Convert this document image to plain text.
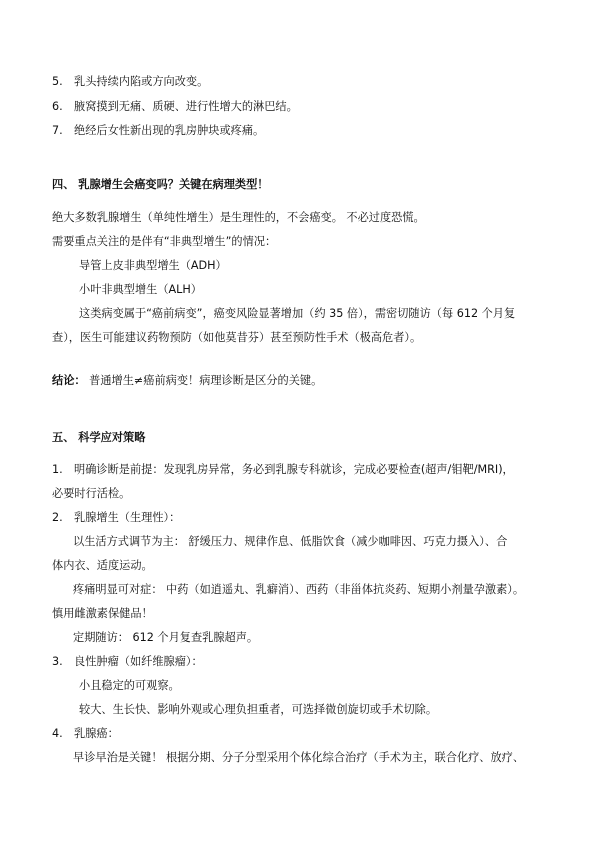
5. 乳头持续内陷或方向改变。
6. 腋窝摸到无痛、质硬、进行性增大的淋巴结。
7. 绝经后女性新出现的乳房肿块或疼痛。
四、 乳腺增生会癌变吗？关键在病理类型！
绝大多数乳腺增生（单纯性增生）是生理性的，不会癌变。 不必过度恐慌。
需要重点关注的是伴有“非典型增生”的情况：
导管上皮非典型增生（ADH）
小叶非典型增生（ALH）
这类病变属于“癌前病变”，癌变风险显著增加（约 35 倍），需密切随访（每 612 个月复
查），医生可能建议药物预防（如他莫昔芬）甚至预防性手术（极高危者）。
结论： 普通增生≠癌前病变！病理诊断是区分的关键。
五、 科学应对策略
1. 明确诊断是前提：发现乳房异常，务必到乳腺专科就诊，完成必要检查(超声/钼靶/MRI)，
必要时行活检。
2. 乳腺增生（生理性）：
以生活方式调节为主： 舒缓压力、规律作息、低脂饮食（减少咖啡因、巧克力摄入）、合
体内衣、适度运动。
疼痛明显可对症： 中药（如逍遥丸、乳癖消）、西药（非甾体抗炎药、短期小剂量孕激素）。
慎用雌激素保健品！
定期随访： 612 个月复查乳腺超声。
3. 良性肿瘤（如纤维腺瘤）：
小且稳定的可观察。
较大、生长快、影响外观或心理负担重者，可选择微创旋切或手术切除。
4. 乳腺癌：
早诊早治是关键！ 根据分期、分子分型采用个体化综合治疗（手术为主，联合化疗、放疗、
